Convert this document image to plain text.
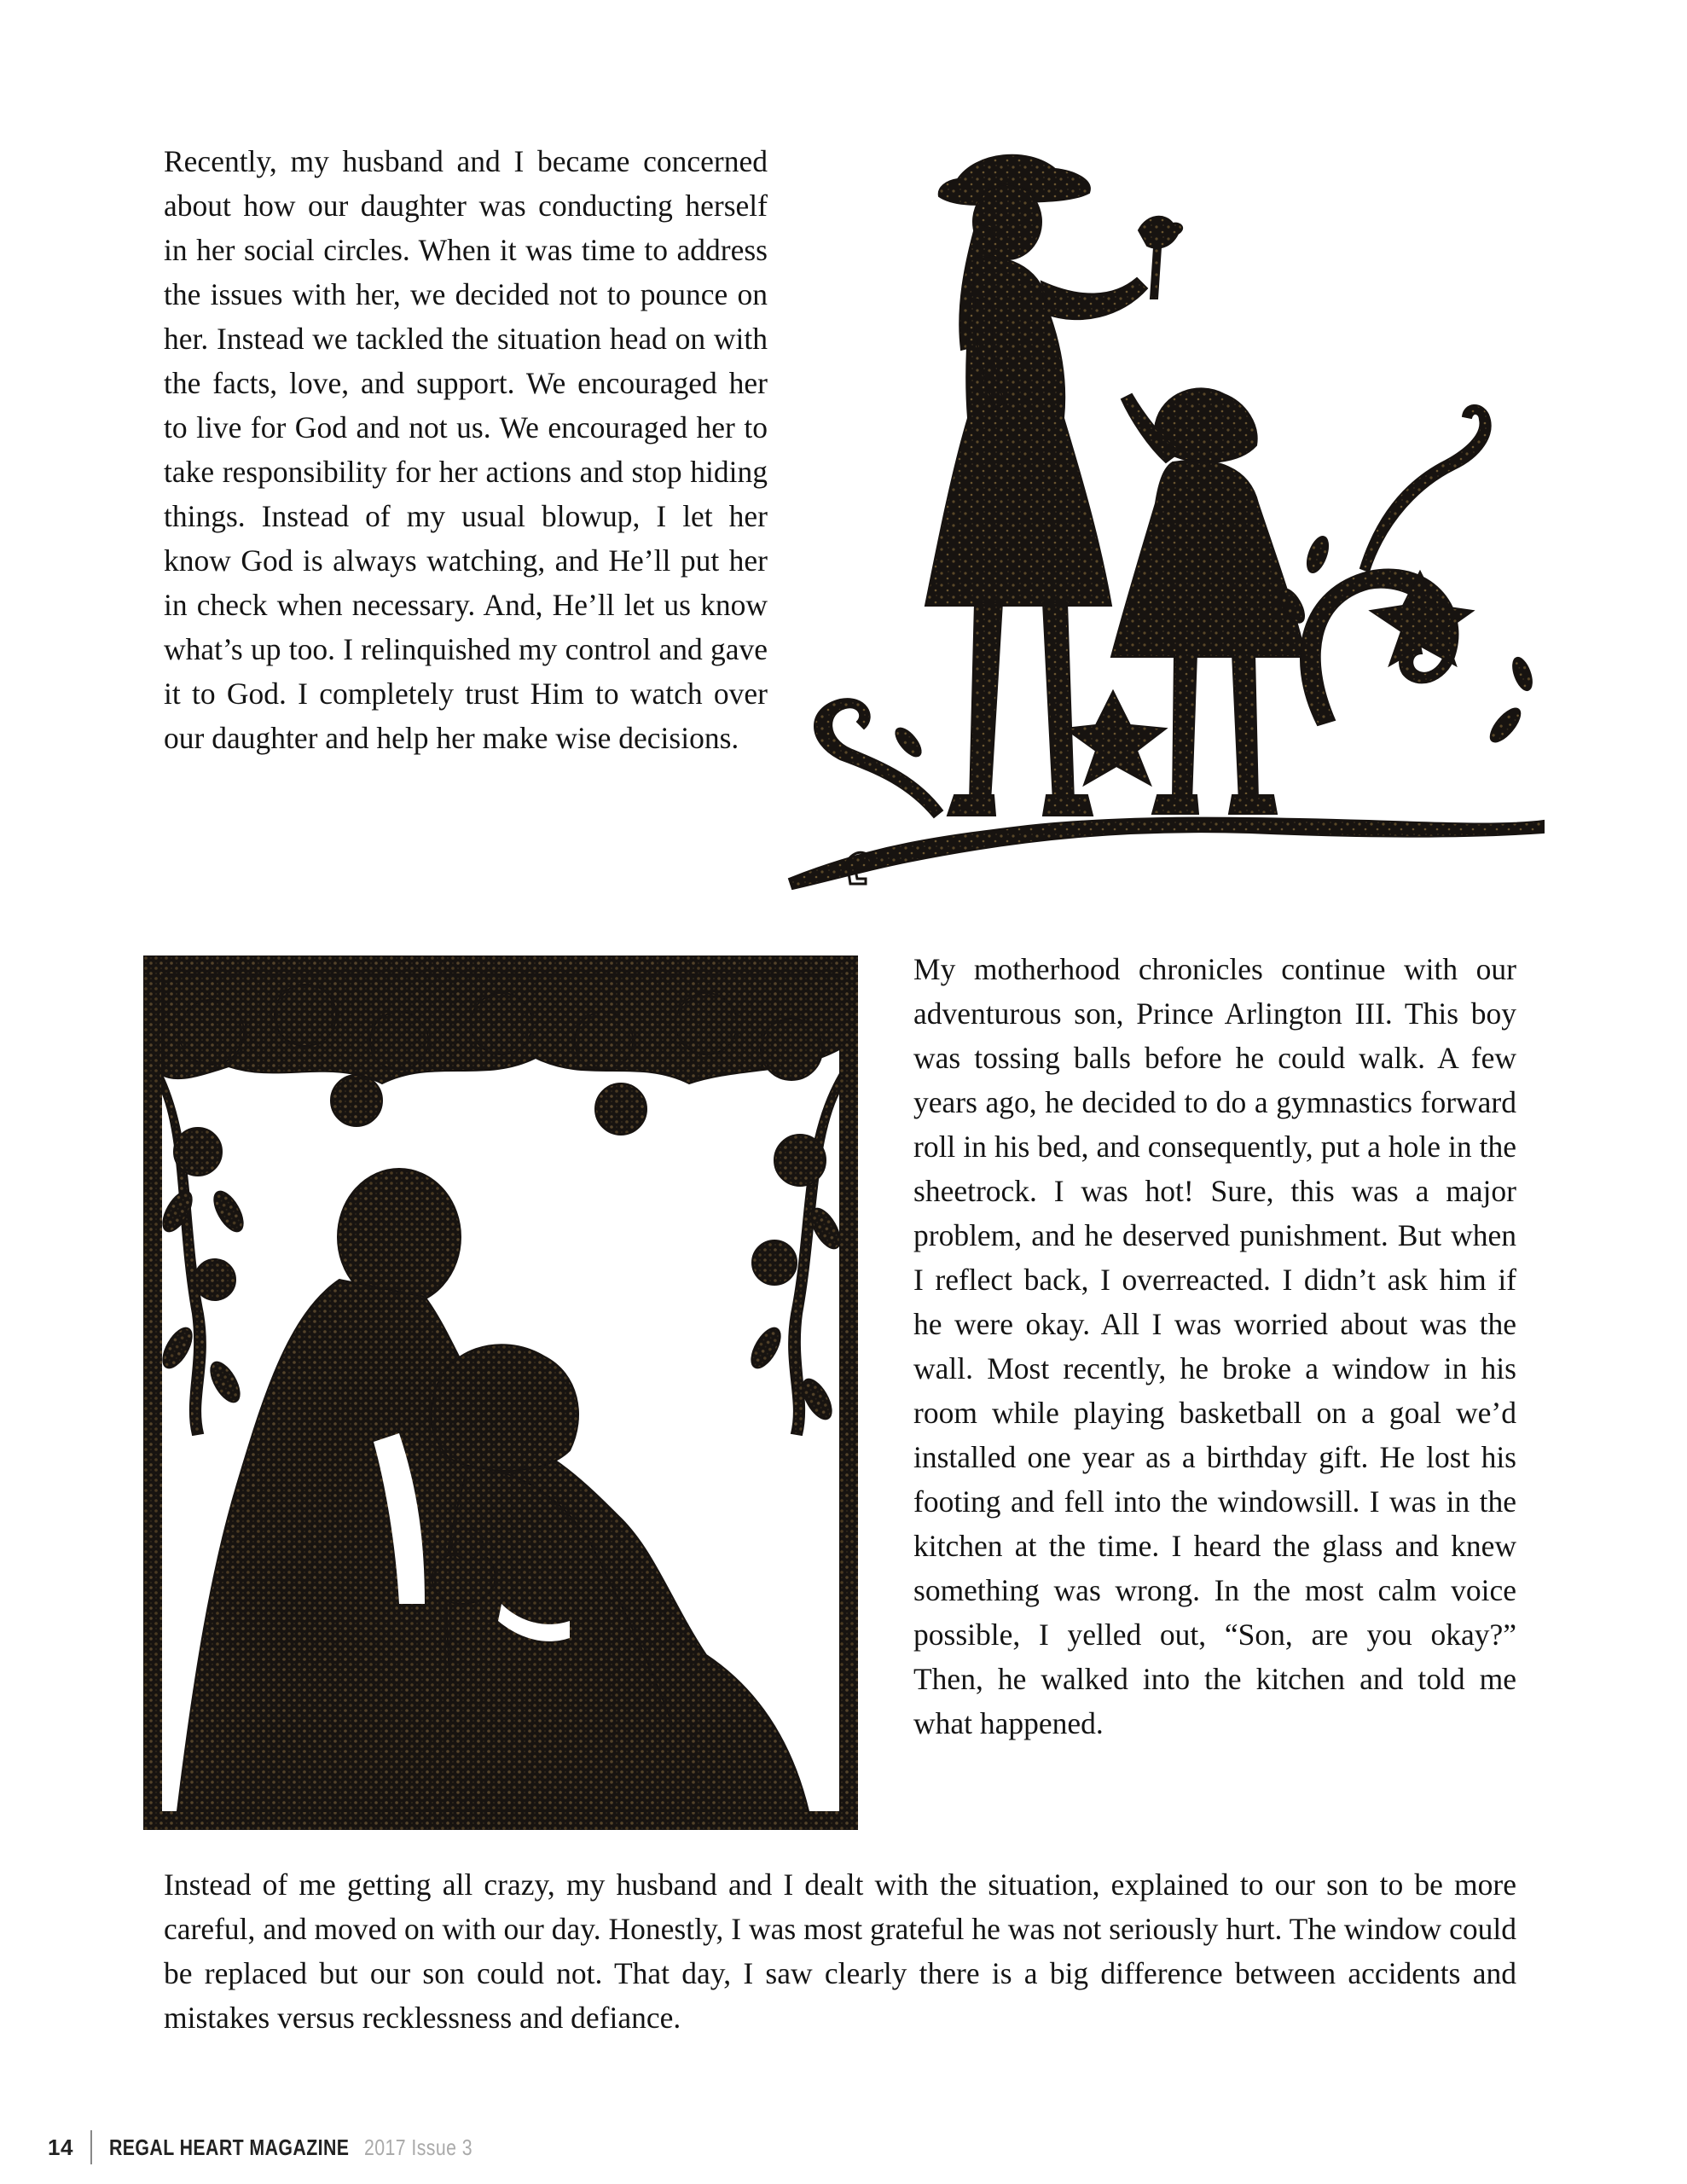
Recently, my husband and I became concerned about how our daughter was conducting herself in her social circles. When it was time to address the issues with her, we decided not to pounce on her. Instead we tackled the situation head on with the facts, love, and support. We encouraged her to live for God and not us. We encouraged her to take responsibility for her actions and stop hiding things. Instead of my usual blowup, I let her know God is always watching, and He’ll put her in check when necessary. And, He’ll let us know what’s up too. I relinquished my control and gave it to God. I completely trust Him to watch over our daughter and help her make wise decisions.

My motherhood chronicles continue with our adventurous son, Prince Arlington III. This boy was tossing balls before he could walk. A few years ago, he decided to do a gymnastics forward roll in his bed, and consequently, put a hole in the sheetrock. I was hot! Sure, this was a major problem, and he deserved punishment. But when I reflect back, I overreacted. I didn’t ask him if he were okay. All I was worried about was the wall. Most recently, he broke a window in his room while playing basketball on a goal we’d installed one year as a birthday gift. He lost his footing and fell into the windowsill. I was in the kitchen at the time. I heard the glass and knew something was wrong. In the most calm voice possible, I yelled out, “Son, are you okay?” Then, he walked into the kitchen and told me what happened.

Instead of me getting all crazy, my husband and I dealt with the situation, explained to our son to be more careful, and moved on with our day. Honestly, I was most grateful he was not seriously hurt. The window could be replaced but our son could not. That day, I saw clearly there is a big difference between accidents and mistakes versus recklessness and defiance.

14 REGAL HEART MAGAZINE 2017 Issue 3
